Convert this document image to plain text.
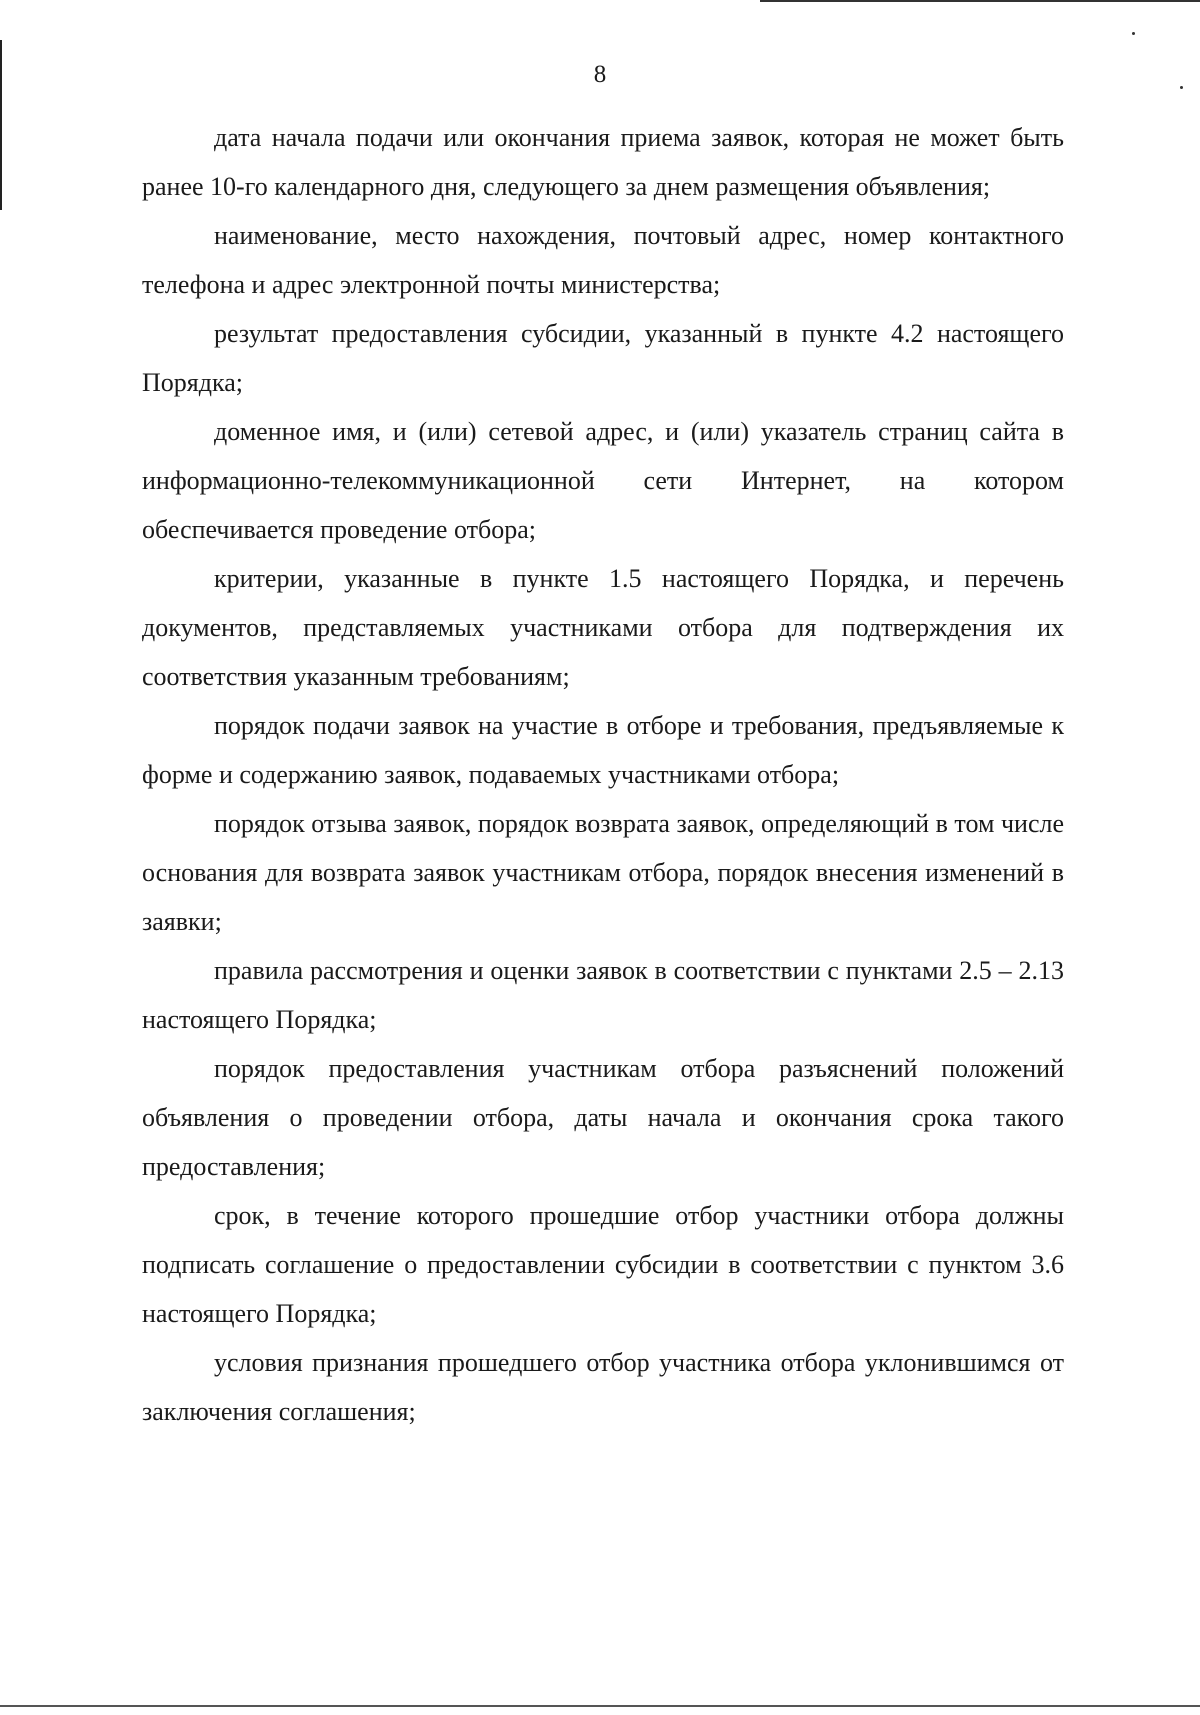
8

дата начала подачи или окончания приема заявок, которая не может быть ранее 10-го календарного дня, следующего за днем размещения объявления;

наименование, место нахождения, почтовый адрес, номер контактного телефона и адрес электронной почты министерства;

результат предоставления субсидии, указанный в пункте 4.2 настоящего Порядка;

доменное имя, и (или) сетевой адрес, и (или) указатель страниц сайта в информационно-телекоммуникационной сети Интернет, на котором обеспечивается проведение отбора;

критерии, указанные в пункте 1.5 настоящего Порядка, и перечень документов, представляемых участниками отбора для подтверждения их соответствия указанным требованиям;

порядок подачи заявок на участие в отборе и требования, предъявляемые к форме и содержанию заявок, подаваемых участниками отбора;

порядок отзыва заявок, порядок возврата заявок, определяющий в том числе основания для возврата заявок участникам отбора, порядок внесения изменений в заявки;

правила рассмотрения и оценки заявок в соответствии с пунктами 2.5 – 2.13 настоящего Порядка;

порядок предоставления участникам отбора разъяснений положений объявления о проведении отбора, даты начала и окончания срока такого предоставления;

срок, в течение которого прошедшие отбор участники отбора должны подписать соглашение о предоставлении субсидии в соответствии с пунктом 3.6 настоящего Порядка;

условия признания прошедшего отбор участника отбора уклонившимся от заключения соглашения;
